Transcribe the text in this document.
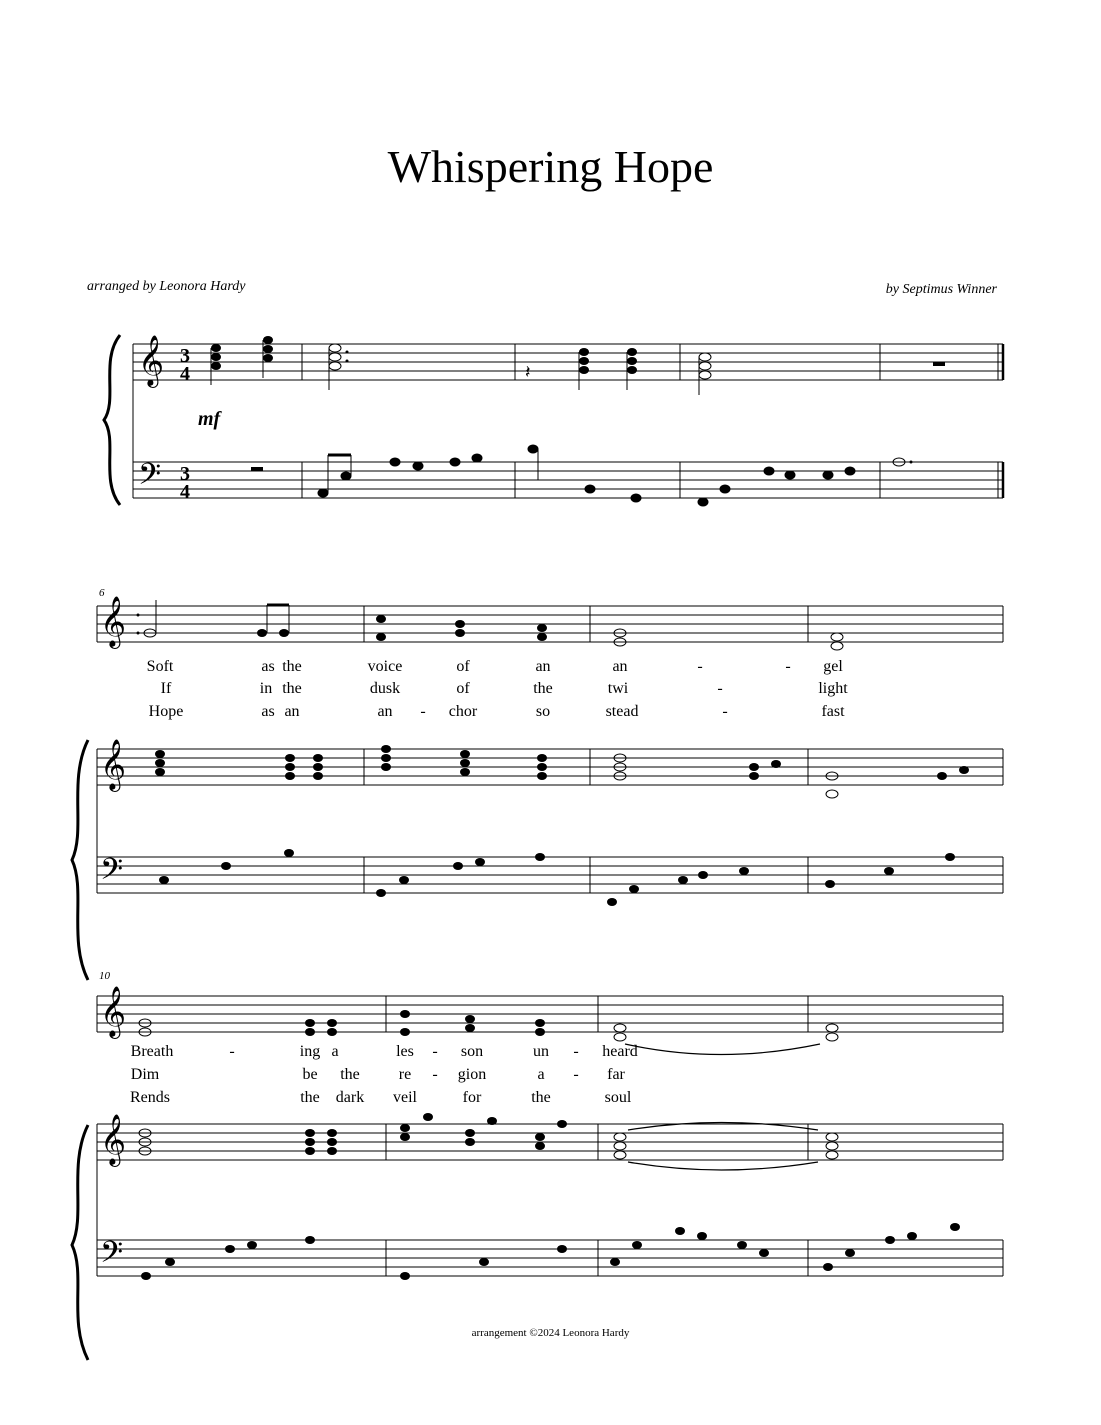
Whispering Hope
arranged by Leonora Hardy	by Septimus Winner
6
10
𝄞
𝄢
3
4
3
4
mf
𝄽
𝄞
𝄞
𝄢
𝄞
𝄞
𝄢
Soft	as the	voice	of	an	an	-	- gel
If	in the	dusk	of	the	twi	-	light
Hope	as an	an - chor	so	stead	-	fast
Breath	-	ing a	les - son	un - heard
Dim	be the re - gion	a - far
Rends	the dark veil	for	the	soul
arrangement ©2024 Leonora Hardy
